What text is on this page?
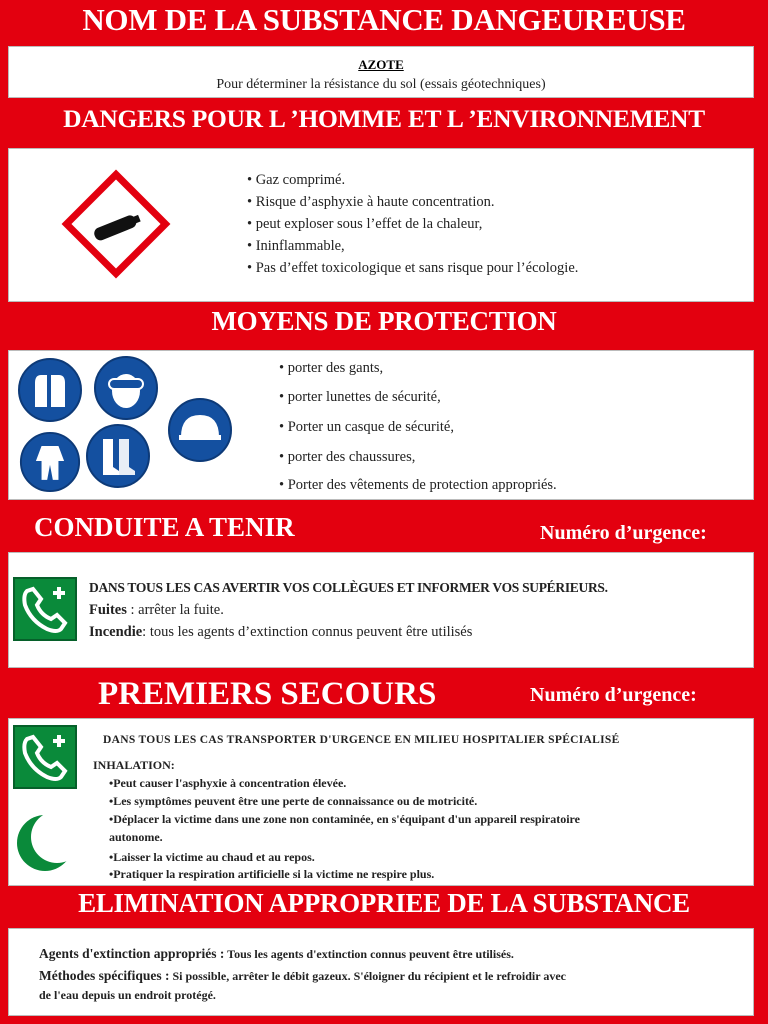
NOM DE LA SUBSTANCE DANGEUREUSE
AZOTE
Pour déterminer la résistance du sol (essais géotechniques)
DANGERS POUR L ’HOMME ET L ’ENVIRONNEMENT
• Gaz comprimé.
• Risque d’asphyxie à haute concentration.
• peut exploser sous l’effet de la chaleur,
• Ininflammable,
• Pas d’effet toxicologique et sans risque pour l’écologie.
MOYENS DE PROTECTION
• porter des gants,
• porter lunettes de sécurité,
• Porter un casque de sécurité,
• porter des chaussures,
• Porter des vêtements de protection appropriés.
CONDUITE A TENIR	Numéro d’urgence:
DANS TOUS LES CAS AVERTIR VOS COLLÈGUES ET INFORMER VOS SUPÉRIEURS.
Fuites : arrêter la fuite.
Incendie: tous les agents d’extinction connus peuvent être utilisés
PREMIERS SECOURS	Numéro d’urgence:
DANS TOUS LES CAS TRANSPORTER D'URGENCE EN MILIEU HOSPITALIER SPÉCIALISÉ
INHALATION:
•Peut causer l'asphyxie à concentration élevée.
•Les symptômes peuvent être une perte de connaissance ou de motricité.
•Déplacer la victime dans une zone non contaminée, en s'équipant d'un appareil respiratoire
autonome.
•Laisser la victime au chaud et au repos.
•Pratiquer la respiration artificielle si la victime ne respire plus.
ELIMINATION APPROPRIEE DE LA SUBSTANCE
Agents d'extinction appropriés : Tous les agents d'extinction connus peuvent être utilisés.
Méthodes spécifiques : Si possible, arrêter le débit gazeux. S'éloigner du récipient et le refroidir avec
de l'eau depuis un endroit protégé.
